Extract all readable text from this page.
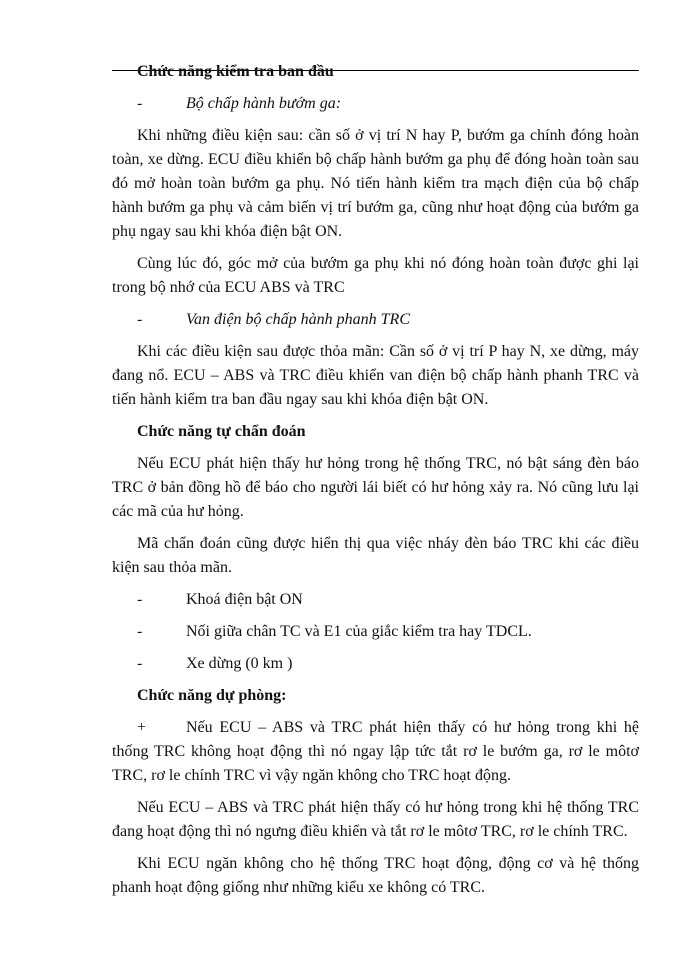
Chức năng kiểm tra ban đầu

-	Bộ chấp hành bướm ga:

Khi những điều kiện sau: cần số ở vị trí N hay P, bướm ga chính đóng hoàn toàn, xe dừng. ECU điều khiển bộ chấp hành bướm ga phụ để đóng hoàn toàn sau đó mở hoàn toàn bướm ga phụ. Nó tiến hành kiểm tra mạch điện của bộ chấp hành bướm ga phụ và cảm biến vị trí bướm ga, cũng như hoạt động của bướm ga phụ ngay sau khi khóa điện bật ON.

Cùng lúc đó, góc mở của bướm ga phụ khi nó đóng hoàn toàn được ghi lại trong bộ nhớ của ECU ABS và TRC

-	Van điện bộ chấp hành phanh TRC

Khi các điều kiện sau được thỏa mãn: Cần số ở vị trí P hay N, xe dừng, máy đang nổ. ECU – ABS và TRC điều khiển van điện bộ chấp hành phanh TRC và tiến hành kiểm tra ban đầu ngay sau khi khóa điện bật ON.

Chức năng tự chẩn đoán

Nếu ECU phát hiện thấy hư hỏng trong hệ thống TRC, nó bật sáng đèn báo TRC ở bản đồng hồ để báo cho người lái biết có hư hỏng xảy ra. Nó cũng lưu lại các mã của hư hỏng.

Mã chẩn đoán cũng được hiển thị qua việc nháy đèn báo TRC khi các điều kiện sau thỏa mãn.

-	Khoá điện bật ON
-	Nối giữa chân TC và E1 của giắc kiểm tra hay TDCL.
-	Xe dừng (0 km )

Chức năng dự phòng:

+ Nếu ECU – ABS và TRC phát hiện thấy có hư hỏng trong khi hệ thống TRC không hoạt động thì nó ngay lập tức tắt rơ le bướm ga, rơ le môtơ TRC, rơ le chính TRC vì vậy ngăn không cho TRC hoạt động.

Nếu ECU – ABS và TRC phát hiện thấy có hư hỏng trong khi hệ thống TRC đang hoạt động thì nó ngưng điều khiển và tắt rơ le môtơ TRC, rơ le chính TRC.

Khi ECU ngăn không cho hệ thống TRC hoạt động, động cơ và hệ thống phanh hoạt động giống như những kiểu xe không có TRC.
